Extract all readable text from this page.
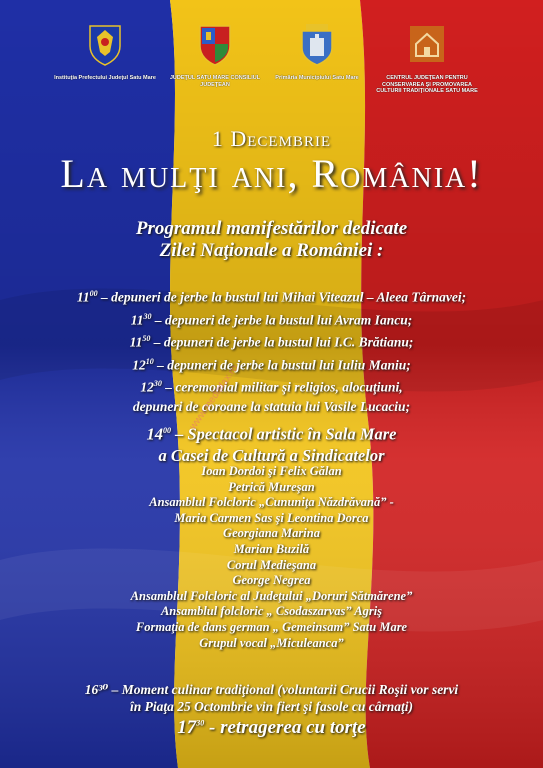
Instituţia Prefectului Judeţul Satu Mare	JUDEŢUL SATU MARE CONSILIUL JUDEŢEAN
Primăria Municipiului Satu Mare	CENTRUL JUDEŢEAN PENTRU CONSERVAREA ŞI PROMOVAREA CULTURII TRADIŢIONALE SATU MARE
1 Decembrie
La mulţi ani, România!
Programul manifestărilor dedicate
Zilei Naţionale a României :
$11^{00}$ – depuneri de jerbe la bustul lui Mihai Viteazul – Aleea Târnavei;
$11^{30}$ – depuneri de jerbe la bustul lui Avram Iancu;
$11^{50}$ – depuneri de jerbe la bustul lui I.C. Brătianu;
$12^{10}$ – depuneri de jerbe la bustul lui Iuliu Maniu;
$12^{30}$ – ceremonial militar şi religios, alocuţiuni,
depuneri de coroane la statuia lui Vasile Lucaciu;
$14^{00}$ – Spectacol artistic în Sala Mare
a Casei de Cultură a Sindicatelor
Ioan Dordoi şi Felix Gălan
Petrică Mureşan
Ansamblul Folcloric „Cununiţa Năzdrăvană” -
Maria Carmen Sas şi Leontina Dorca
Georgiana Marina
Marian Buzilă
Corul Medieşana
George Negrea
Ansamblul Folcloric al Judeţului „Doruri Sătmărene”
Ansamblul folcloric „ Csodaszarvas” Agriş
Formaţia de dans german „ Gemeinsam” Satu Mare
Grupul vocal „Miculeanca”
www.mediafax.ro
16³⁰ – Moment culinar tradiţional (voluntarii Crucii Roşii vor servi
în Piaţa 25 Octombrie vin fiert şi fasole cu cârnaţi)
$17^{30}$ - retragerea cu torţe
